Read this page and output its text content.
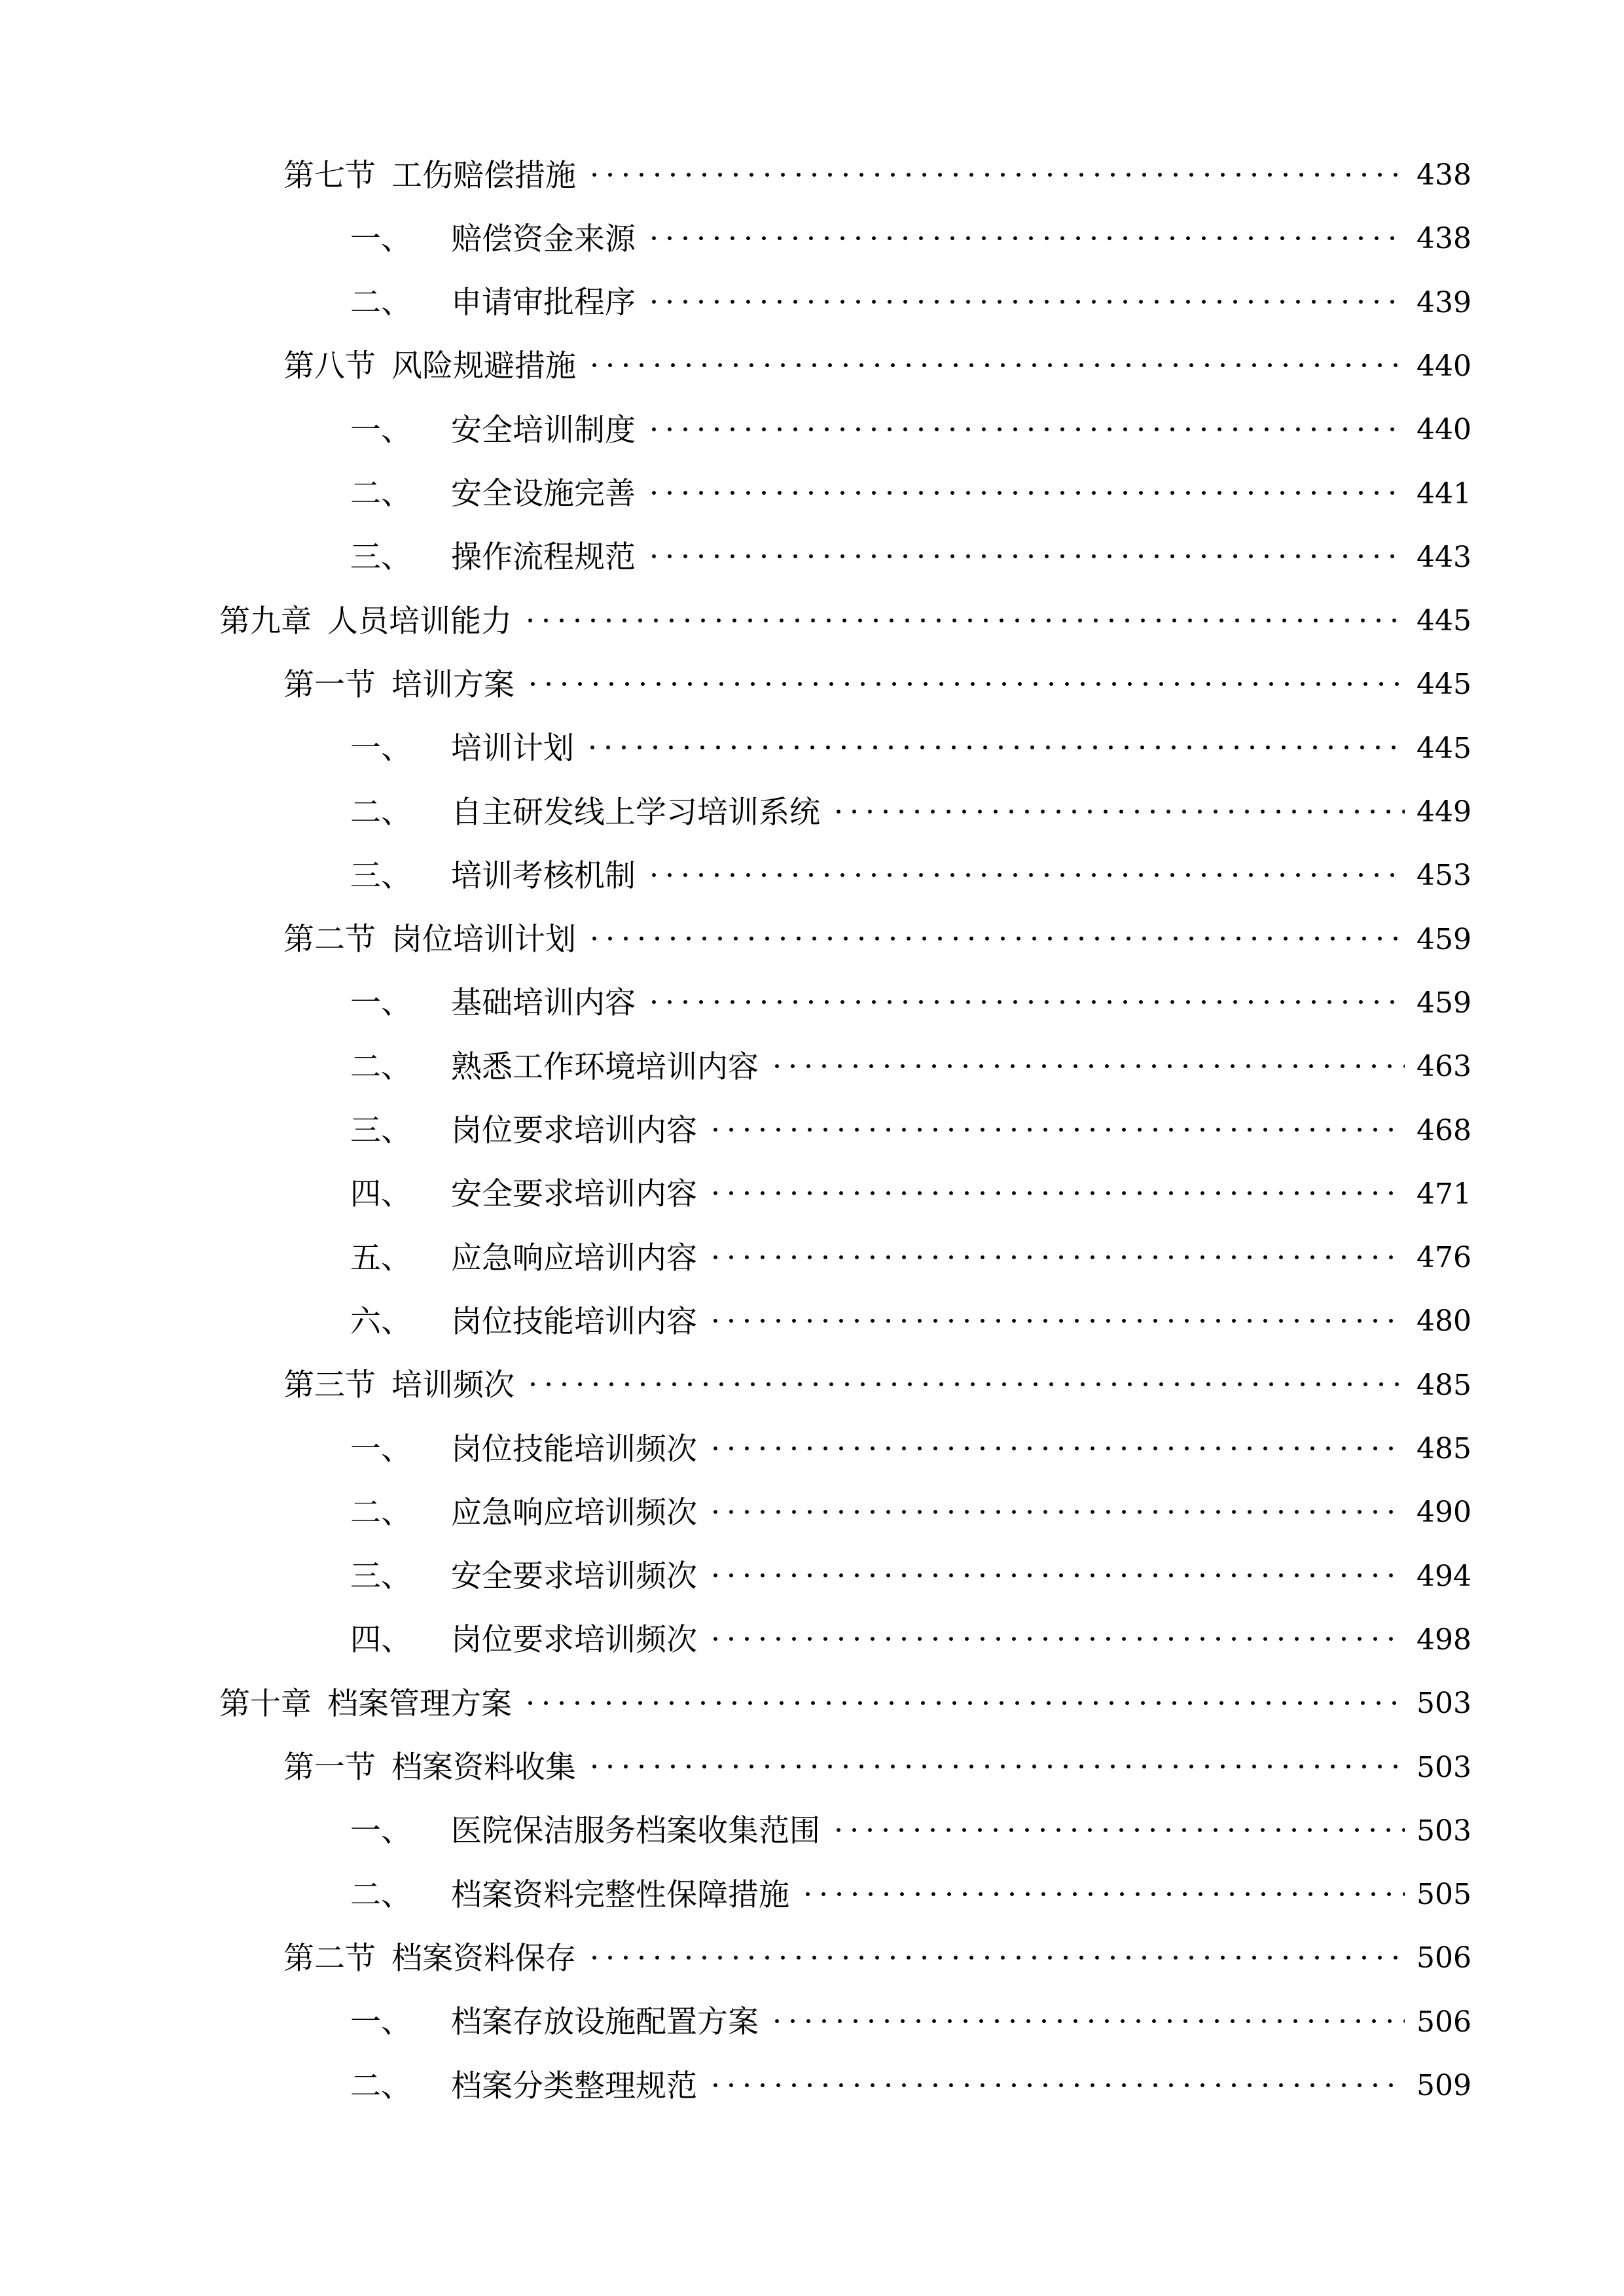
第七节 工伤赔偿措施	438
一、	赔偿资金来源	438
二、	申请审批程序	439
第八节 风险规避措施	440
一、	安全培训制度	440
二、	安全设施完善	441
三、	操作流程规范	443
第九章 人员培训能力	445
第一节 培训方案	445
一、	培训计划	445
二、	自主研发线上学习培训系统	449
三、	培训考核机制	453
第二节 岗位培训计划	459
一、	基础培训内容	459
二、	熟悉工作环境培训内容	463
三、	岗位要求培训内容	468
四、	安全要求培训内容	471
五、	应急响应培训内容	476
六、	岗位技能培训内容	480
第三节 培训频次	485
一、	岗位技能培训频次	485
二、	应急响应培训频次	490
三、	安全要求培训频次	494
四、	岗位要求培训频次	498
第十章 档案管理方案	503
第一节 档案资料收集	503
一、	医院保洁服务档案收集范围	503
二、	档案资料完整性保障措施	505
第二节 档案资料保存	506
一、	档案存放设施配置方案	506
二、	档案分类整理规范	509
